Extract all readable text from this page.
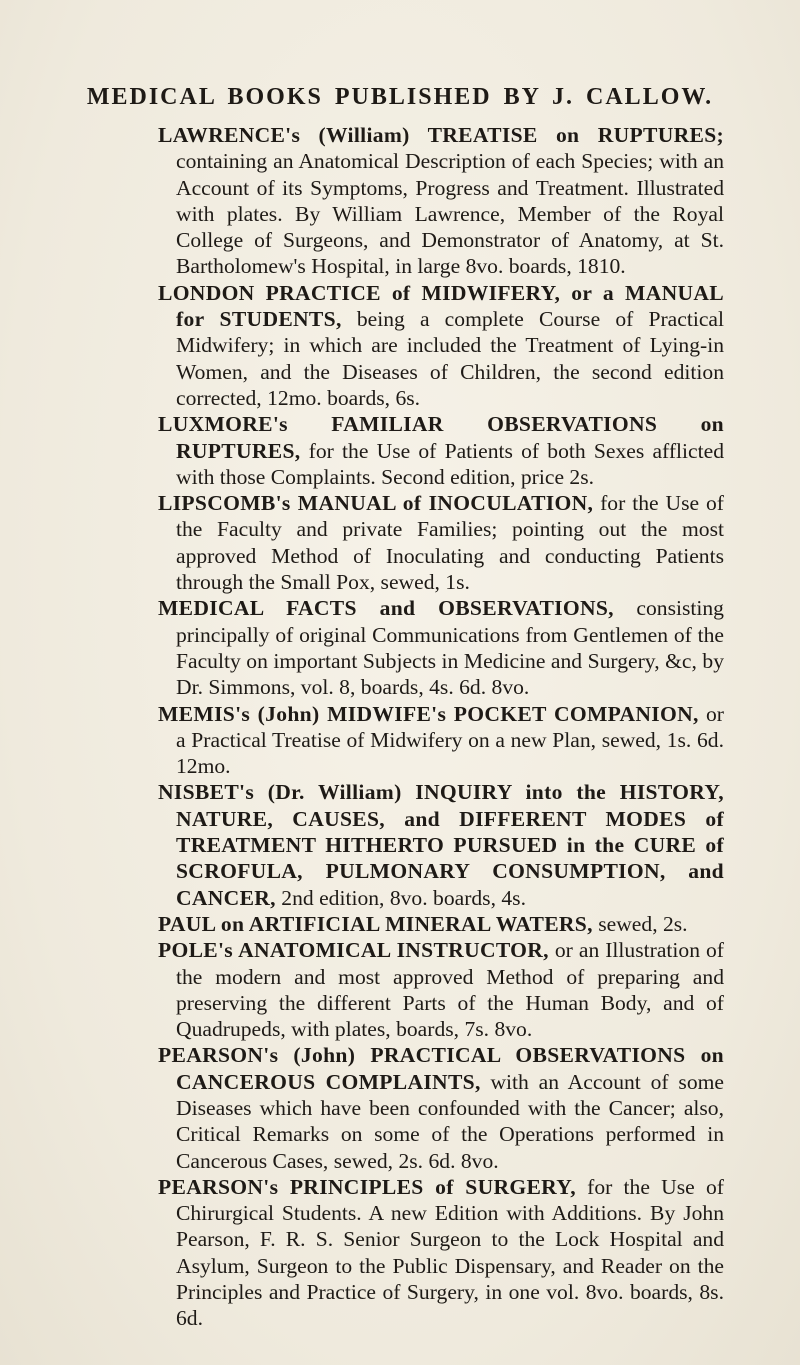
MEDICAL BOOKS PUBLISHED BY J. CALLOW.

LAWRENCE's (William) TREATISE on RUPTURES; containing an Anatomical Description of each Species; with an Account of its Symptoms, Progress and Treatment. Illustrated with plates. By William Lawrence, Member of the Royal College of Surgeons, and Demonstrator of Anatomy, at St. Bartholomew's Hospital, in large 8vo. boards, 1810.

LONDON PRACTICE of MIDWIFERY, or a MANUAL for STUDENTS, being a complete Course of Practical Midwifery; in which are included the Treatment of Lying-in Women, and the Diseases of Children, the second edition corrected, 12mo. boards, 6s.

LUXMORE's FAMILIAR OBSERVATIONS on RUPTURES, for the Use of Patients of both Sexes afflicted with those Complaints. Second edition, price 2s.

LIPSCOMB's MANUAL of INOCULATION, for the Use of the Faculty and private Families; pointing out the most approved Method of Inoculating and conducting Patients through the Small Pox, sewed, 1s.

MEDICAL FACTS and OBSERVATIONS, consisting principally of original Communications from Gentlemen of the Faculty on important Subjects in Medicine and Surgery, &c, by Dr. Simmons, vol. 8, boards, 4s. 6d. 8vo.

MEMIS's (John) MIDWIFE's POCKET COMPANION, or a Practical Treatise of Midwifery on a new Plan, sewed, 1s. 6d. 12mo.

NISBET's (Dr. William) INQUIRY into the HISTORY, NATURE, CAUSES, and DIFFERENT MODES of TREATMENT HITHERTO PURSUED in the CURE of SCROFULA, PULMONARY CONSUMPTION, and CANCER, 2nd edition, 8vo. boards, 4s.

PAUL on ARTIFICIAL MINERAL WATERS, sewed, 2s.

POLE's ANATOMICAL INSTRUCTOR, or an Illustration of the modern and most approved Method of preparing and preserving the different Parts of the Human Body, and of Quadrupeds, with plates, boards, 7s. 8vo.

PEARSON's (John) PRACTICAL OBSERVATIONS on CANCEROUS COMPLAINTS, with an Account of some Diseases which have been confounded with the Cancer; also, Critical Remarks on some of the Operations performed in Cancerous Cases, sewed, 2s. 6d. 8vo.

PEARSON's PRINCIPLES of SURGERY, for the Use of Chirurgical Students. A new Edition with Additions. By John Pearson, F. R. S. Senior Surgeon to the Lock Hospital and Asylum, Surgeon to the Public Dispensary, and Reader on the Principles and Practice of Surgery, in one vol. 8vo. boards, 8s. 6d.
